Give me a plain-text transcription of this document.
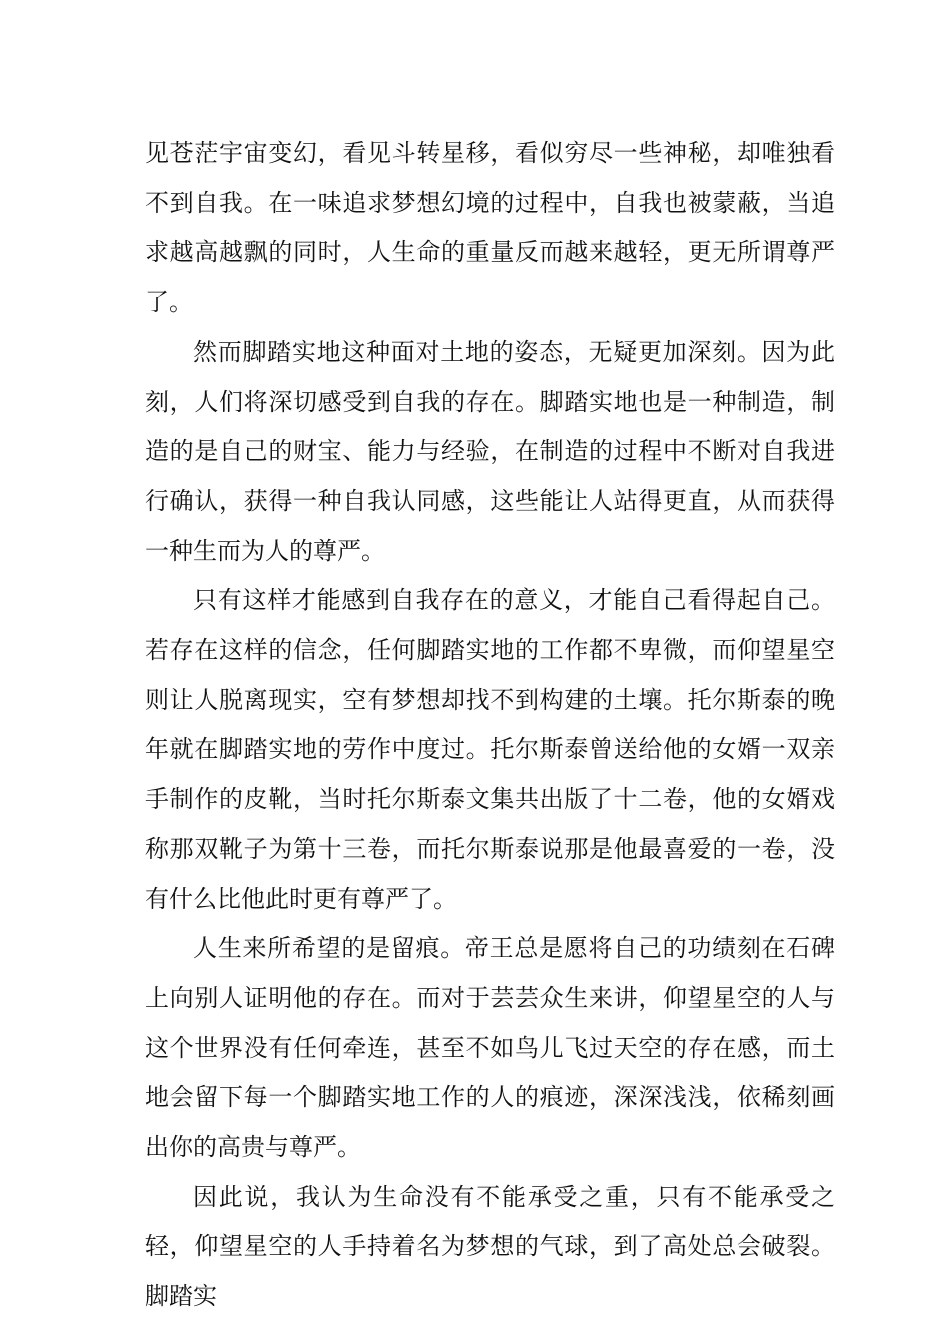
见苍茫宇宙变幻，看见斗转星移，看似穷尽一些神秘，却唯独看不到自我。在一味追求梦想幻境的过程中，自我也被蒙蔽，当追求越高越飘的同时，人生命的重量反而越来越轻，更无所谓尊严了。

然而脚踏实地这种面对土地的姿态，无疑更加深刻。因为此刻，人们将深切感受到自我的存在。脚踏实地也是一种制造，制造的是自己的财宝、能力与经验，在制造的过程中不断对自我进行确认，获得一种自我认同感，这些能让人站得更直，从而获得一种生而为人的尊严。

只有这样才能感到自我存在的意义，才能自己看得起自己。若存在这样的信念，任何脚踏实地的工作都不卑微，而仰望星空则让人脱离现实，空有梦想却找不到构建的土壤。托尔斯泰的晚年就在脚踏实地的劳作中度过。托尔斯泰曾送给他的女婿一双亲手制作的皮靴，当时托尔斯泰文集共出版了十二卷，他的女婿戏称那双靴子为第十三卷，而托尔斯泰说那是他最喜爱的一卷，没有什么比他此时更有尊严了。

人生来所希望的是留痕。帝王总是愿将自己的功绩刻在石碑上向别人证明他的存在。而对于芸芸众生来讲，仰望星空的人与这个世界没有任何牵连，甚至不如鸟儿飞过天空的存在感，而土地会留下每一个脚踏实地工作的人的痕迹，深深浅浅，依稀刻画出你的高贵与尊严。

因此说，我认为生命没有不能承受之重，只有不能承受之轻，仰望星空的人手持着名为梦想的气球，到了高处总会破裂。脚踏实
